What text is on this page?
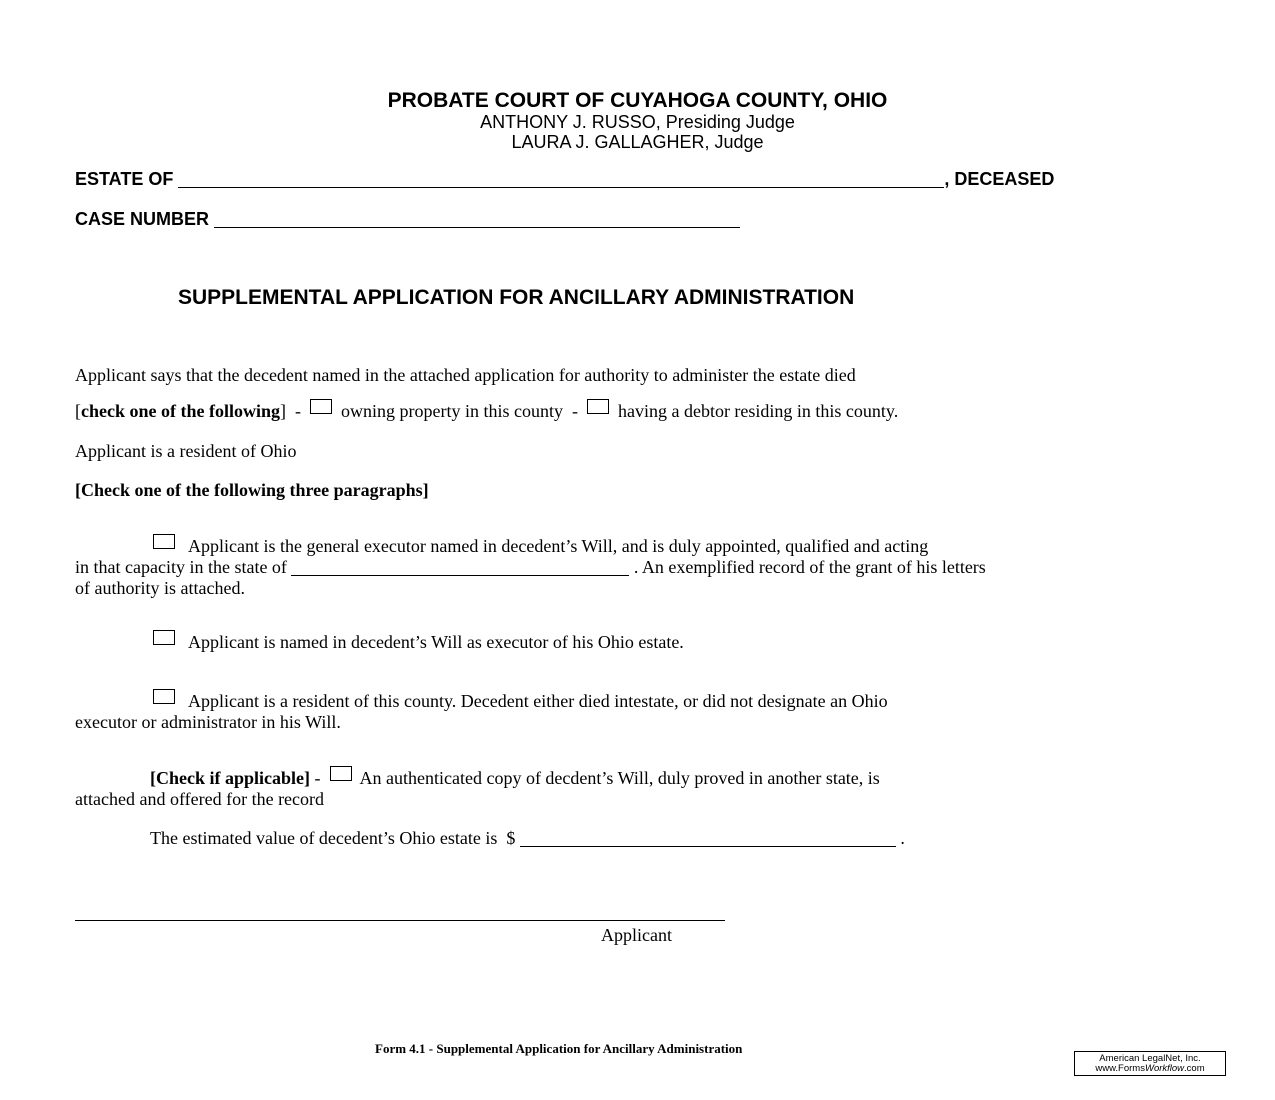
PROBATE COURT OF CUYAHOGA COUNTY, OHIO
ANTHONY J. RUSSO, Presiding Judge
LAURA J. GALLAGHER, Judge
ESTATE OF	, DECEASED
CASE NUMBER
SUPPLEMENTAL APPLICATION FOR ANCILLARY ADMINISTRATION
Applicant says that the decedent named in the attached application for authority to administer the estate died
[check one of the following] - owning property in this county - having a debtor residing in this county.
Applicant is a resident of Ohio
[Check one of the following three paragraphs]
Applicant is the general executor named in decedent’s Will, and is duly appointed, qualified and acting
in that capacity in the state of	. An exemplified record of the grant of his letters
of authority is attached.
Applicant is named in decedent’s Will as executor of his Ohio estate.
Applicant is a resident of this county. Decedent either died intestate, or did not designate an Ohio
executor or administrator in his Will.
[Check if applicable] - An authenticated copy of decdent’s Will, duly proved in another state, is
attached and offered for the record
The estimated value of decedent’s Ohio estate is $	.
Applicant
Form 4.1 - Supplemental Application for Ancillary Administration
American LegalNet, Inc.
www.FormsWorkflow.com
